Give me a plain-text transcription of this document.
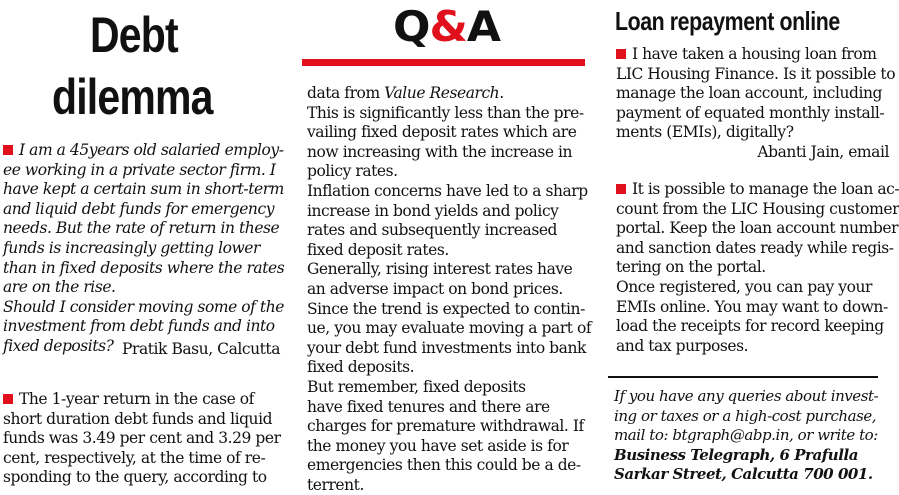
Debt
dilemma
I am a 45years old salaried employ-
ee working in a private sector firm. I
have kept a certain sum in short-term
and liquid debt funds for emergency
needs. But the rate of return in these
funds is increasingly getting lower
than in fixed deposits where the rates
are on the rise.
Should I consider moving some of the
investment from debt funds and into
fixed deposits? Pratik Basu, Calcutta
The 1-year return in the case of
short duration debt funds and liquid
funds was 3.49 per cent and 3.29 per
cent, respectively, at the time of re-
sponding to the query, according to
Q&A
data from Value Research.
This is significantly less than the pre-
vailing fixed deposit rates which are
now increasing with the increase in
policy rates.
Inflation concerns have led to a sharp
increase in bond yields and policy
rates and subsequently increased
fixed deposit rates.
Generally, rising interest rates have
an adverse impact on bond prices.
Since the trend is expected to contin-
ue, you may evaluate moving a part of
your debt fund investments into bank
fixed deposits.
But remember, fixed deposits
have fixed tenures and there are
charges for premature withdrawal. If
the money you have set aside is for
emergencies then this could be a de-
terrent.
Loan repayment online
I have taken a housing loan from
LIC Housing Finance. Is it possible to
manage the loan account, including
payment of equated monthly install-
ments (EMIs), digitally?
Abanti Jain, email
It is possible to manage the loan ac-
count from the LIC Housing customer
portal. Keep the loan account number
and sanction dates ready while regis-
tering on the portal.
Once registered, you can pay your
EMIs online. You may want to down-
load the receipts for record keeping
and tax purposes.
If you have any queries about invest-
ing or taxes or a high-cost purchase,
mail to: btgraph@abp.in, or write to:
Business Telegraph, 6 Prafulla
Sarkar Street, Calcutta 700 001.
